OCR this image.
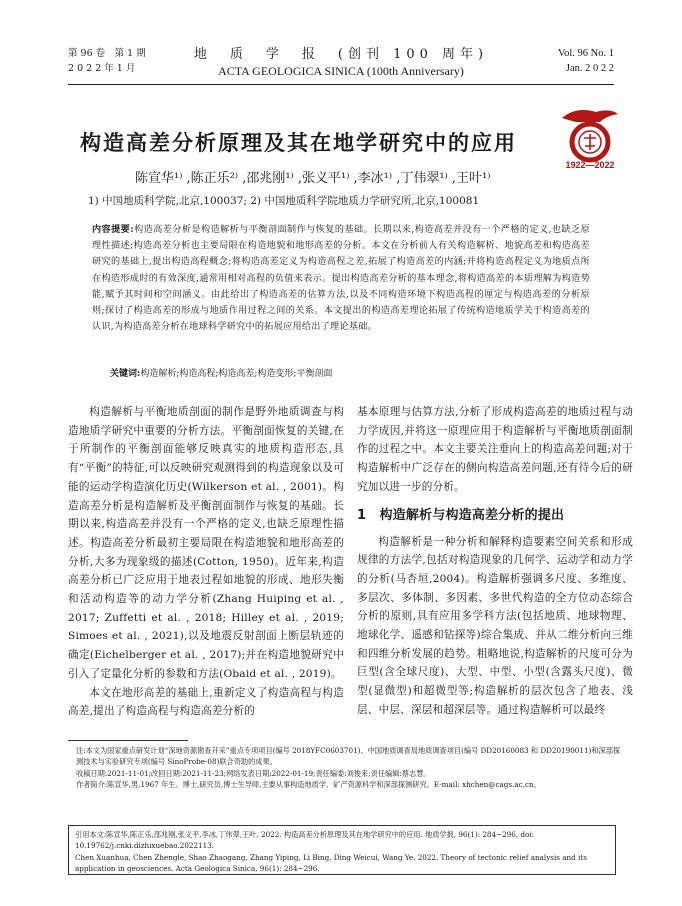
第 96 卷　第 1 期
2 0 2 2 年 1 月
地　质　学　报　(创刊 100 周年)
ACTA GEOLOGICA SINICA (100th Anniversary)
Vol. 96 No. 1
Jan. 2 0 2 2
1922—2022
构造高差分析原理及其在地学研究中的应用
陈宣华¹⁾ ,陈正乐²⁾ ,邵兆刚¹⁾ ,张义平¹⁾ ,李冰¹⁾ ,丁伟翠¹⁾ ,王叶¹⁾
1) 中国地质科学院,北京,100037; 2) 中国地质科学院地质力学研究所,北京,100081
内容提要:构造高差分析是构造解析与平衡剖面制作与恢复的基础。长期以来,构造高差并没有一个严格的定义,也缺乏原理性描述;构造高差分析也主要局限在构造地貌和地形高差的分析。本文在分析前人有关构造解析、地貌高差和构造高差研究的基础上,提出构造高程概念;将构造高差定义为构造高程之差,拓展了构造高差的内涵;并将构造高程定义为地质点所在构造形成时的有效深度,通常用相对高程的负值来表示。提出构造高差分析的基本理念,将构造高差的本质理解为构造势能,赋予其时间和空间涵义。由此给出了构造高差的估算方法,以及不同构造环境下构造高程的厘定与构造高差的分析原则;探讨了构造高差的形成与地质作用过程之间的关系。本文提出的构造高差理论拓展了传统构造地质学关于构造高差的认识,为构造高差分析在地球科学研究中的拓展应用给出了理论基础。
关键词:构造解析;构造高程;构造高差;构造变形;平衡剖面

构造解析与平衡地质剖面的制作是野外地质调查与构造地质学研究中重要的分析方法。平衡剖面恢复的关键,在于所制作的平衡剖面能够反映真实的地质构造形态,具有“平衡”的特征,可以反映研究观测得到的构造现象以及可能的运动学构造演化历史(Wilkerson et al. , 2001)。构造高差分析是构造解析及平衡剖面制作与恢复的基础。长期以来,构造高差并没有一个严格的定义,也缺乏原理性描述。构造高差分析最初主要局限在构造地貌和地形高差的分析,大多为现象级的描述(Cotton, 1950)。近年来,构造高差分析已广泛应用于地表过程如地貌的形成、地形失衡和活动构造等的动力学分析(Zhang Huiping et al. , 2017; Zuffetti et al. , 2018; Hilley et al. , 2019; Simoes et al. , 2021),以及地震反射剖面上断层轨迹的确定(Eichelberger et al. , 2017);并在构造地貌研究中引入了定量化分析的参数和方法(Obaid et al. , 2019)。

本文在地形高差的基础上,重新定义了构造高程与构造高差,提出了构造高程与构造高差分析的

基本原理与估算方法,分析了形成构造高差的地质过程与动力学成因,并将这一原理应用于构造解析与平衡地质剖面制作的过程之中。本文主要关注垂向上的构造高差问题;对于构造解析中广泛存在的侧向构造高差问题,还有待今后的研究加以进一步的分析。

1　构造解析与构造高差分析的提出

构造解析是一种分析和解释构造要素空间关系和形成规律的方法学,包括对构造现象的几何学、运动学和动力学的分析(马杏垣,2004)。构造解析强调多尺度、多维度、多层次、多体制、多因素、多世代构造的全方位动态综合分析的原则,具有应用多学科方法(包括地质、地球物理、地球化学、遥感和钻探等)综合集成、并从二维分析向三维和四维分析发展的趋势。粗略地说,构造解析的尺度可分为巨型(含全球尺度)、大型、中型、小型(含露头尺度)、微型(显微型)和超微型等;构造解析的层次包含了地表、浅层、中层、深层和超深层等。通过构造解析可以最终

注:本文为国家重点研发计划“深地资源勘查开采”重点专项项目(编号 2018YFC0603701)、中国地质调查局地质调查项目(编号 DD20160083 和 DD20190011)和深部探测技术与实验研究专项(编号 SinoProbe-08)联合资助的成果。

收稿日期:2021-11-01;改回日期:2021-11-23;网络发表日期:2022-01-19;责任编委:刘俊来;责任编辑:蔡志慧。

作者简介:陈宣华,男,1967 年生。博士,研究员,博士生导师,主要从事构造地质学、矿产资源科学和深部探测研究。E-mail: xhchen@cags.ac.cn。

引用本文:陈宣华,陈正乐,邵兆刚,张义平,李冰,丁伟翠,王叶. 2022. 构造高差分析原理及其在地学研究中的应用. 地质学报, 96(1): 284~296, doi: 10.19762/j.cnki.dizhixuebao.2022113.

Chen Xuanhua, Chen Zhengle, Shao Zhaogang, Zhang Yiping, Li Bing, Ding Weicui, Wang Ye. 2022. Theory of tectonic relief analysis and its application in geosciences. Acta Geologica Sinica, 96(1): 284~296.
